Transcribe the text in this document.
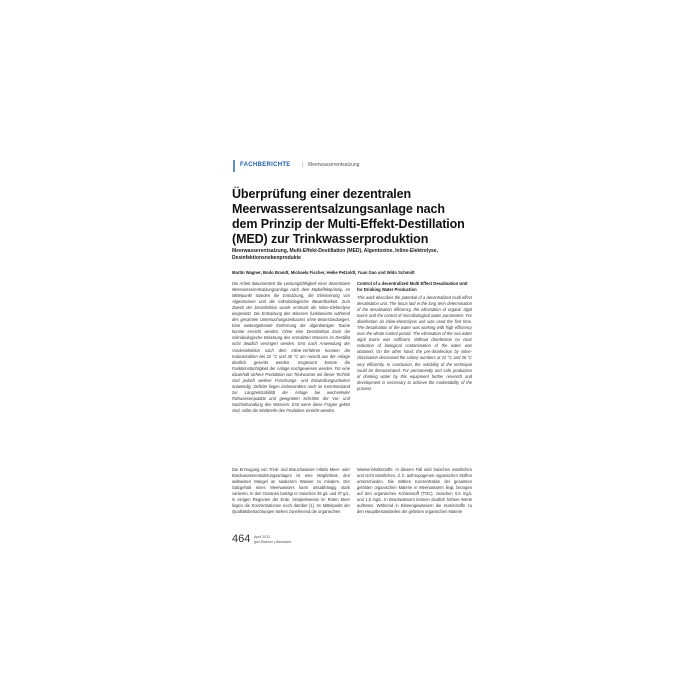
FACHBERICHTE | Meerwasserentsalzung
Überprüfung einer dezentralen Meerwasserentsalzungsanlage nach dem Prinzip der Multi-Effekt-Destillation (MED) zur Trinkwasserproduktion
Meerwasserentsalzung, Multi-Effekt-Destillation (MED), Algentoxine, Inline-Elektrolyse, Desinfektionsnebenprodukte
Martin Wagner, Bodo Brandt, Michaela Fischer, Heike Petzoldt, Yuan Gao und Wido Schmidt
Die Arbeit dokumentiert die Leistungsfähigkeit einer dezentralen Meerwasserentsalzungsanlage nach dem Multieffektprinzip. Im Mittelpunkt standen die Entsalzung, die Eliminierung von Algentoxinen und die mikrobiologische Bewertbarkeit. Zum Zweck der Desinfektion wurde erstmals die Inline-Elektrolyse eingesetzt. Die Entsalzung des Wassers funktionierte während des gesamten Untersuchungszeitraums ohne Beanstandungen. Eine weitestgehende Entfernung der algenbürtigen Toxine konnte erreicht werden. Ohne eine Desinfektion kann die mikrobiologische Belastung des entsalzten Wassers im Destillat nicht deutlich verringert werden. Erst nach Anwendung der Vordesinfektion nach dem Inline-Verfahren konnten die Koloniezahlen bei 22 °C und 36 °C am Austritt aus der Anlage deutlich gesenkt werden. Insgesamt konnte die Funktionstüchtigkeit der Anlage nachgewiesen werden. Für eine dauerhaft sichere Produktion von Trinkwasser mit dieser Technik sind jedoch weitere Forschungs- und Entwicklungsarbeiten notwendig. Defizite liegen insbesondere noch im Kenntnisstand zur Langzeitstabilität der Anlage bei wechselnder Rohwasserqualität und geeigneten Schritten der Vor- und Nachbehandlung des Wassers. Erst wenn diese Fragen gelöst sind, sollte die Marktreife des Produktes erreicht werden.
Control of a decentralized Multi Effect Desalination Unit for Drinking Water Production
This work describes the potential of a decentralized multi effect desalination unit. The focus laid in the long term determination of the desalination efficiency, the elimination of organic algal toxins and the control of microbiological water parameters. For disinfection an inline-electrolysis unit was used the first time. The desalination of the water was working with high efficiency over the whole control period. The elimination of the sea water algal toxins was sufficient. Without disinfection no clear reduction of biological contamination of the water was obtained. On the other hand, the pre-disinfection by inline-chlorination decreased the colony numbers at 22 °C and 36 °C very efficiently. In conclusion, the reliability of the technique could be demonstrated. For permanently and safe production of drinking water by this equipment further research and development is necessary to achieve the marketability of the process.
Die Erzeugung von Trink- und Brauchwasser mittels Meer- oder Brackwasserentsalzungsanlagen ist eine Möglichkeit, den weltweiten Mangel an sauberem Wasser zu mindern. Der Salzgehalt eines Meerwassers kann ortsabhängig stark variieren. In den Ozeanen beträgt er zwischen 36 g/L und 37 g/L, in einigen Regionen der Erde, beispielsweise im Roten Meer liegen die Konzentrationen noch darüber [1]. Im Mittelpunkt der Qualitätsbetrachtungen stehen zunehmend die organischen
Wasserinhaltsstoffe. In diesem Fall wird zwischen natürlichen und nicht natürlichen, d. h. anthropogenen organischen Stoffen unterschieden. Die mittlere Konzentration der gesamten gelösten organischen Materie in Meerwassern liegt, bezogen auf den organischen Kohlenstoff (TOC), zwischen 0,5 mg/L und 1,5 mg/L. In Brackwässern können deutlich höhere Werte auftreten. Während in Binnengewässern die Huminstoffe zu den Hauptbestandteilen der gelösten organischen Materie
464 April 2012
gwf-Wasser | Abwasser
